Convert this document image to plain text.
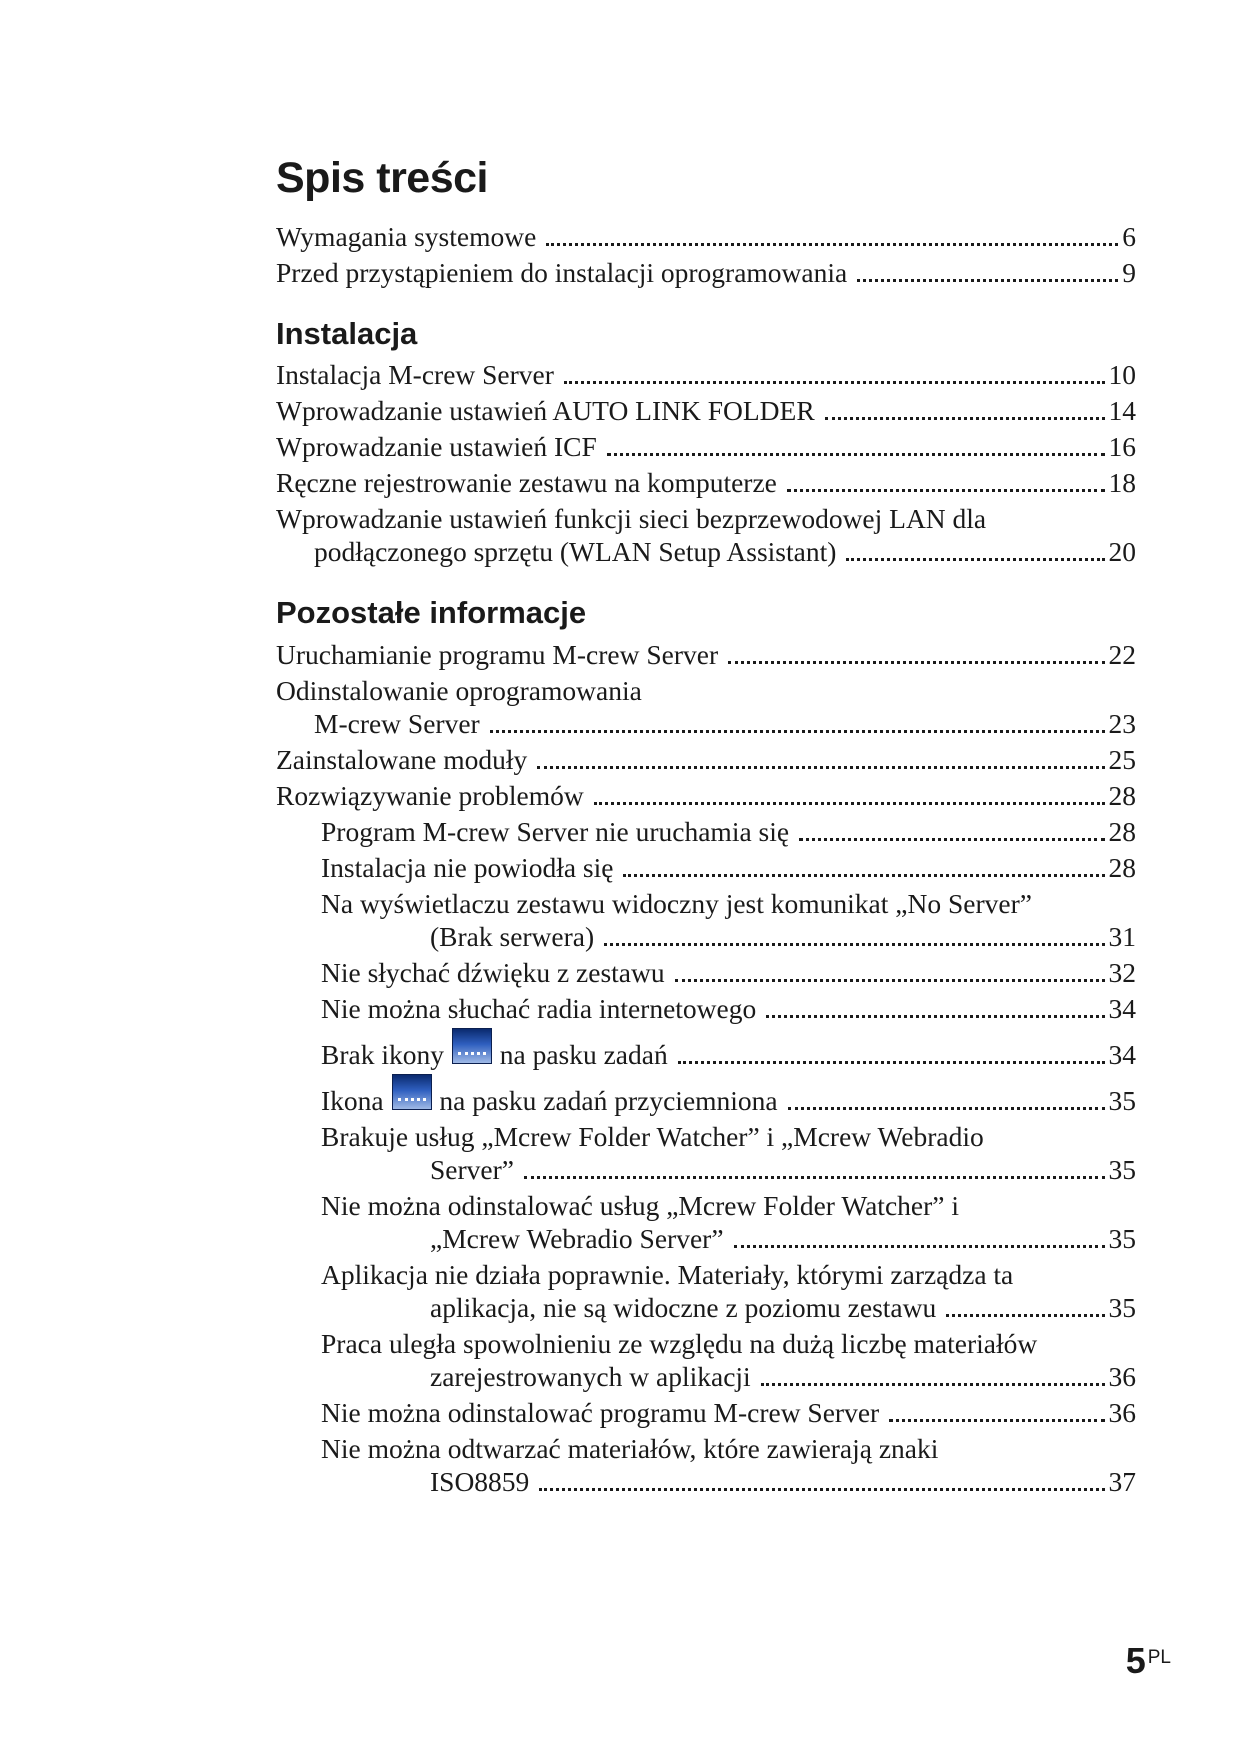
Spis treści
Wymagania systemowe	6
Przed przystąpieniem do instalacji oprogramowania	9
Instalacja
Instalacja M-crew Server	10
Wprowadzanie ustawień AUTO LINK FOLDER	14
Wprowadzanie ustawień ICF	16
Ręczne rejestrowanie zestawu na komputerze	18
Wprowadzanie ustawień funkcji sieci bezprzewodowej LAN dla
podłączonego sprzętu (WLAN Setup Assistant)	20
Pozostałe informacje
Uruchamianie programu M-crew Server	22
Odinstalowanie oprogramowania
M-crew Server	23
Zainstalowane moduły	25
Rozwiązywanie problemów	28
Program M-crew Server nie uruchamia się	28
Instalacja nie powiodła się	28
Na wyświetlaczu zestawu widoczny jest komunikat „No Server”
(Brak serwera)	31
Nie słychać dźwięku z zestawu	32
Nie można słuchać radia internetowego	34
Brak ikony

na pasku zadań	34
Ikona

na pasku zadań przyciemniona	35
Brakuje usług „Mcrew Folder Watcher” i „Mcrew Webradio
Server”	35
Nie można odinstalować usług „Mcrew Folder Watcher” i
„Mcrew Webradio Server”	35
Aplikacja nie działa poprawnie. Materiały, którymi zarządza ta
aplikacja, nie są widoczne z poziomu zestawu	35
Praca uległa spowolnieniu ze względu na dużą liczbę materiałów
zarejestrowanych w aplikacji	36
Nie można odinstalować programu M-crew Server	36
Nie można odtwarzać materiałów, które zawierają znaki
ISO8859	37
5 PL
